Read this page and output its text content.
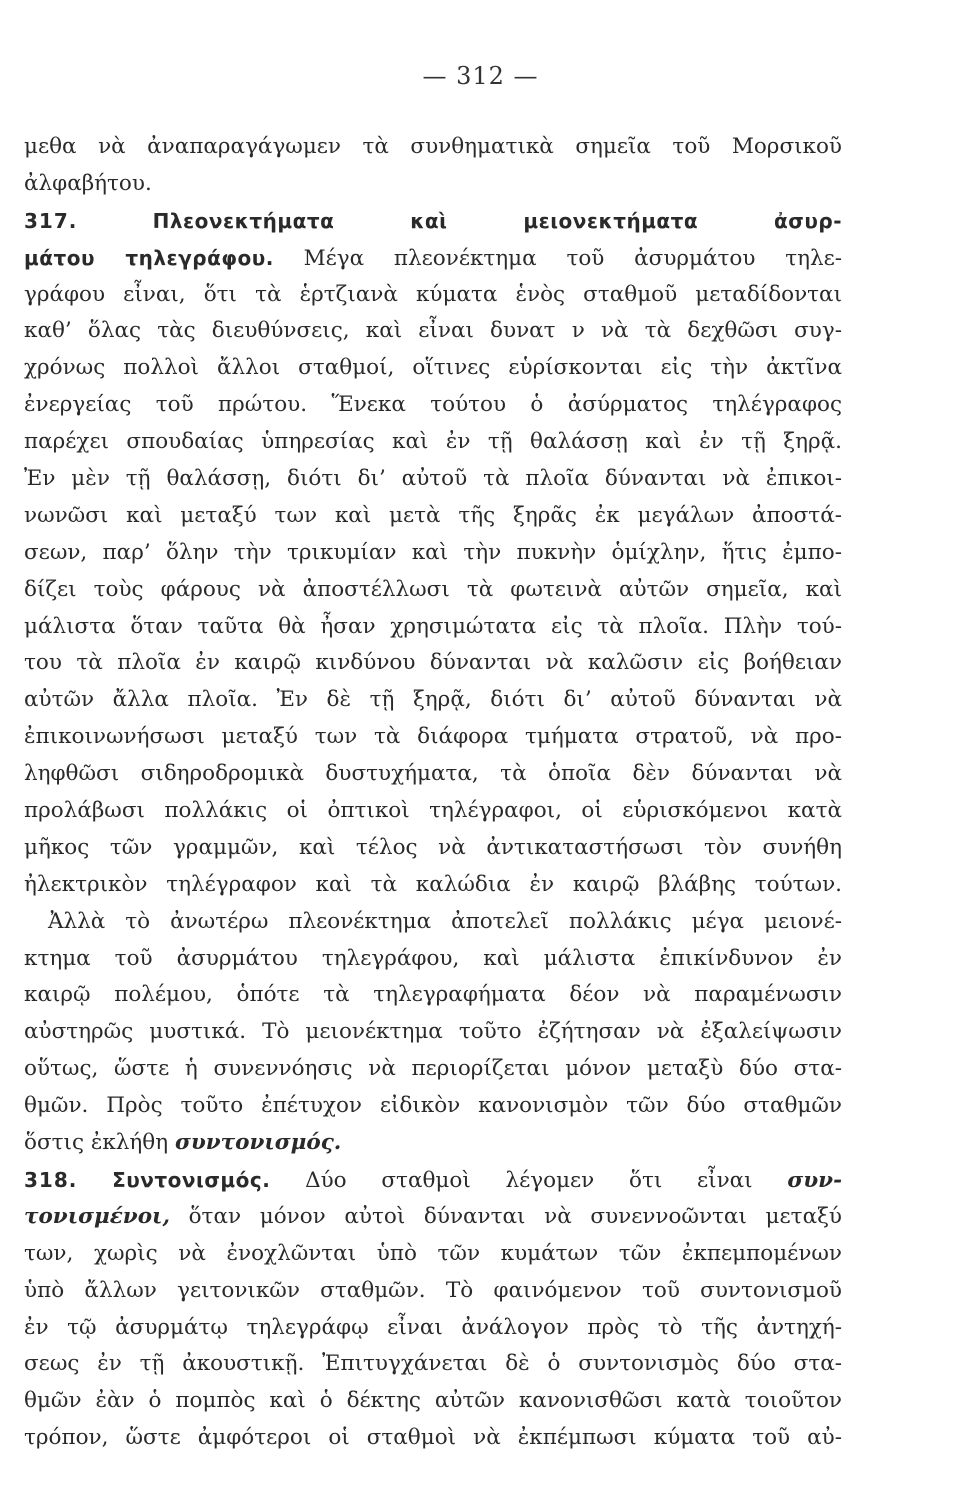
— 312 —
μεθα νὰ ἀναπαραγάγωμεν τὰ συνθηματικὰ σημεῖα τοῦ Μορσικοῦ
ἀλφαβήτου.
317.	Πλεονεκτήματα καὶ μειονεκτήματα ἀσυρ-
μάτου τηλεγράφου. Μέγα πλεονέκτημα τοῦ ἀσυρμάτου τηλε-
γράφου εἶναι, ὅτι τὰ ἑρτζιανὰ κύματα ἑνὸς σταθμοῦ μεταδίδονται
καθ’ ὅλας τὰς διευθύνσεις, καὶ εἶναι δυνατ ν νὰ τὰ δεχθῶσι συγ-
χρόνως πολλοὶ ἄλλοι σταθμοί, οἵτινες εὑρίσκονται εἰς τὴν ἀκτῖνα
ἐνεργείας τοῦ πρώτου. Ἕνεκα τούτου ὁ ἀσύρματος τηλέγραφος
παρέχει σπουδαίας ὑπηρεσίας καὶ ἐν τῇ θαλάσσῃ καὶ ἐν τῇ ξηρᾷ.
Ἐν μὲν τῇ θαλάσσῃ, διότι δι’ αὐτοῦ τὰ πλοῖα δύνανται νὰ ἐπικοι-
νωνῶσι καὶ μεταξύ των καὶ μετὰ τῆς ξηρᾶς ἐκ μεγάλων ἀποστά-
σεων, παρ’ ὅλην τὴν τρικυμίαν καὶ τὴν πυκνὴν ὁμίχλην, ἥτις ἐμπο-
δίζει τοὺς φάρους νὰ ἀποστέλλωσι τὰ φωτεινὰ αὐτῶν σημεῖα, καὶ
μάλιστα ὅταν ταῦτα θὰ ἦσαν χρησιμώτατα εἰς τὰ πλοῖα. Πλὴν τού-
του τὰ πλοῖα ἐν καιρῷ κινδύνου δύνανται νὰ καλῶσιν εἰς βοήθειαν
αὐτῶν ἄλλα πλοῖα. Ἐν δὲ τῇ ξηρᾷ, διότι δι’ αὐτοῦ δύνανται νὰ
ἐπικοινωνήσωσι μεταξύ των τὰ διάφορα τμήματα στρατοῦ, νὰ προ-
ληφθῶσι σιδηροδρομικὰ δυστυχήματα, τὰ ὁποῖα δὲν δύνανται νὰ
προλάβωσι πολλάκις οἱ ὀπτικοὶ τηλέγραφοι, οἱ εὑρισκόμενοι κατὰ
μῆκος τῶν γραμμῶν, καὶ τέλος νὰ ἀντικαταστήσωσι τὸν συνήθη
ἠλεκτρικὸν τηλέγραφον καὶ τὰ καλώδια ἐν καιρῷ βλάβης τούτων.
Ἀλλὰ τὸ ἀνωτέρω πλεονέκτημα ἀποτελεῖ πολλάκις μέγα μειονέ-
κτημα τοῦ ἀσυρμάτου τηλεγράφου, καὶ μάλιστα ἐπικίνδυνον ἐν
καιρῷ πολέμου, ὁπότε τὰ τηλεγραφήματα δέον νὰ παραμένωσιν
αὐστηρῶς μυστικά. Τὸ μειονέκτημα τοῦτο ἐζήτησαν νὰ ἐξαλείψωσιν
οὕτως, ὥστε ἡ συνεννόησις νὰ περιορίζεται μόνον μεταξὺ δύο στα-
θμῶν. Πρὸς τοῦτο ἐπέτυχον εἰδικὸν κανονισμὸν τῶν δύο σταθμῶν
ὅστις ἐκλήθη συντονισμός.
318. Συντονισμός. Δύο σταθμοὶ λέγομεν ὅτι εἶναι συν-
τονισμένοι, ὅταν μόνον αὐτοὶ δύνανται νὰ συνεννοῶνται μεταξύ
των, χωρὶς νὰ ἐνοχλῶνται ὑπὸ τῶν κυμάτων τῶν ἐκπεμπομένων
ὑπὸ ἄλλων γειτονικῶν σταθμῶν. Τὸ φαινόμενον τοῦ συντονισμοῦ
ἐν τῷ ἀσυρμάτῳ τηλεγράφῳ εἶναι ἀνάλογον πρὸς τὸ τῆς ἀντηχή-
σεως ἐν τῇ ἀκουστικῇ. Ἐπιτυγχάνεται δὲ ὁ συντονισμὸς δύο στα-
θμῶν ἐὰν ὁ πομπὸς καὶ ὁ δέκτης αὐτῶν κανονισθῶσι κατὰ τοιοῦτον
τρόπον, ὥστε ἀμφότεροι οἱ σταθμοὶ νὰ ἐκπέμπωσι κύματα τοῦ αὐ-
